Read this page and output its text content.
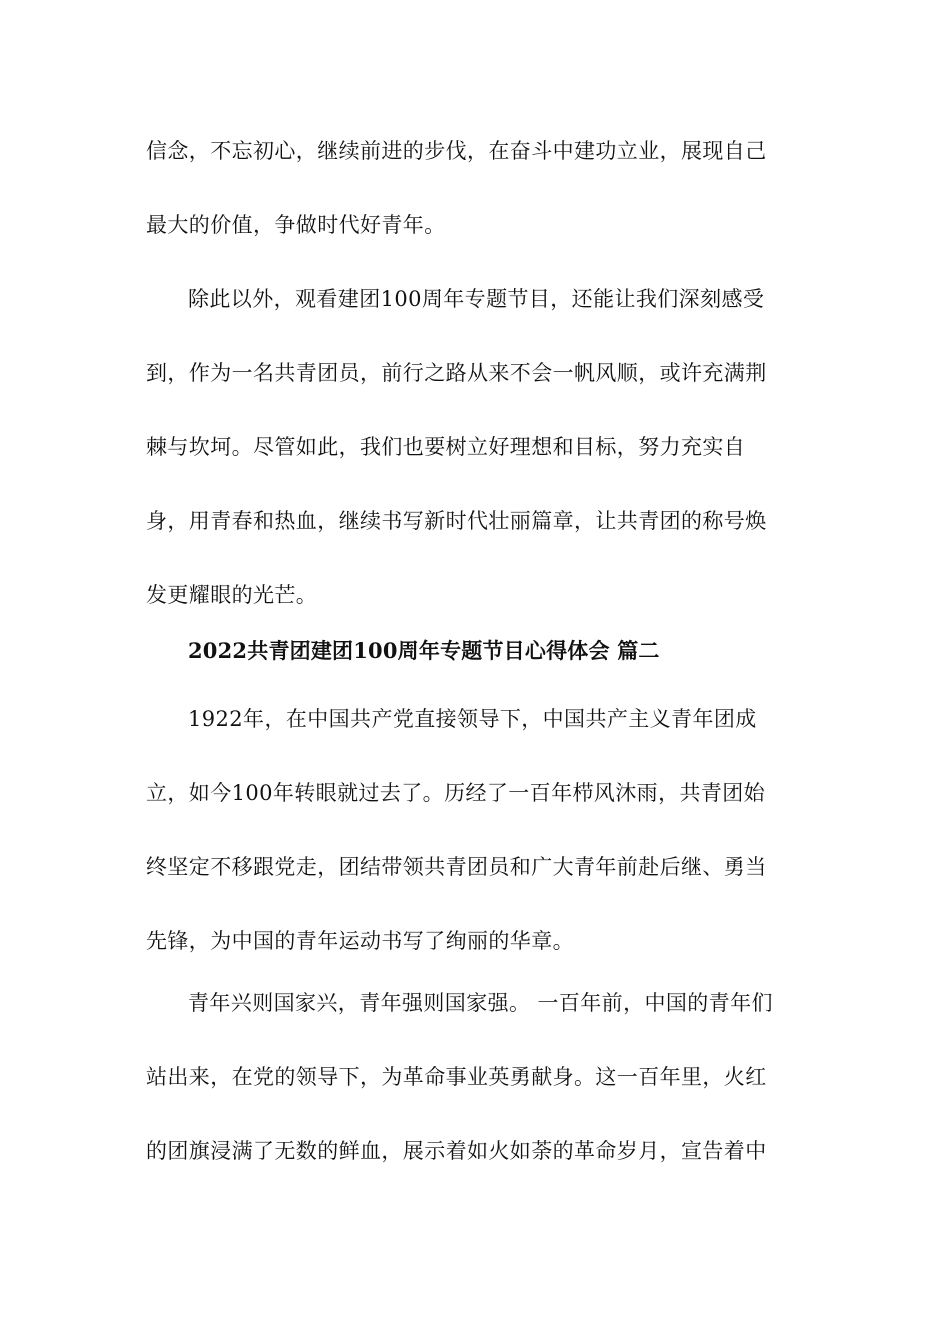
信念，不忘初心，继续前进的步伐，在奋斗中建功立业，展现自己
最大的价值，争做时代好青年。
除此以外，观看建团100周年专题节目，还能让我们深刻感受
到，作为一名共青团员，前行之路从来不会一帆风顺，或许充满荆
棘与坎坷。尽管如此，我们也要树立好理想和目标，努力充实自
身，用青春和热血，继续书写新时代壮丽篇章，让共青团的称号焕
发更耀眼的光芒。
2022共青团建团100周年专题节目心得体会 篇二
1922年，在中国共产党直接领导下，中国共产主义青年团成
立，如今100年转眼就过去了。历经了一百年栉风沐雨，共青团始
终坚定不移跟党走，团结带领共青团员和广大青年前赴后继、勇当
先锋，为中国的青年运动书写了绚丽的华章。
青年兴则国家兴，青年强则国家强。 一百年前，中国的青年们
站出来，在党的领导下，为革命事业英勇献身。这一百年里，火红
的团旗浸满了无数的鲜血，展示着如火如荼的革命岁月，宣告着中
